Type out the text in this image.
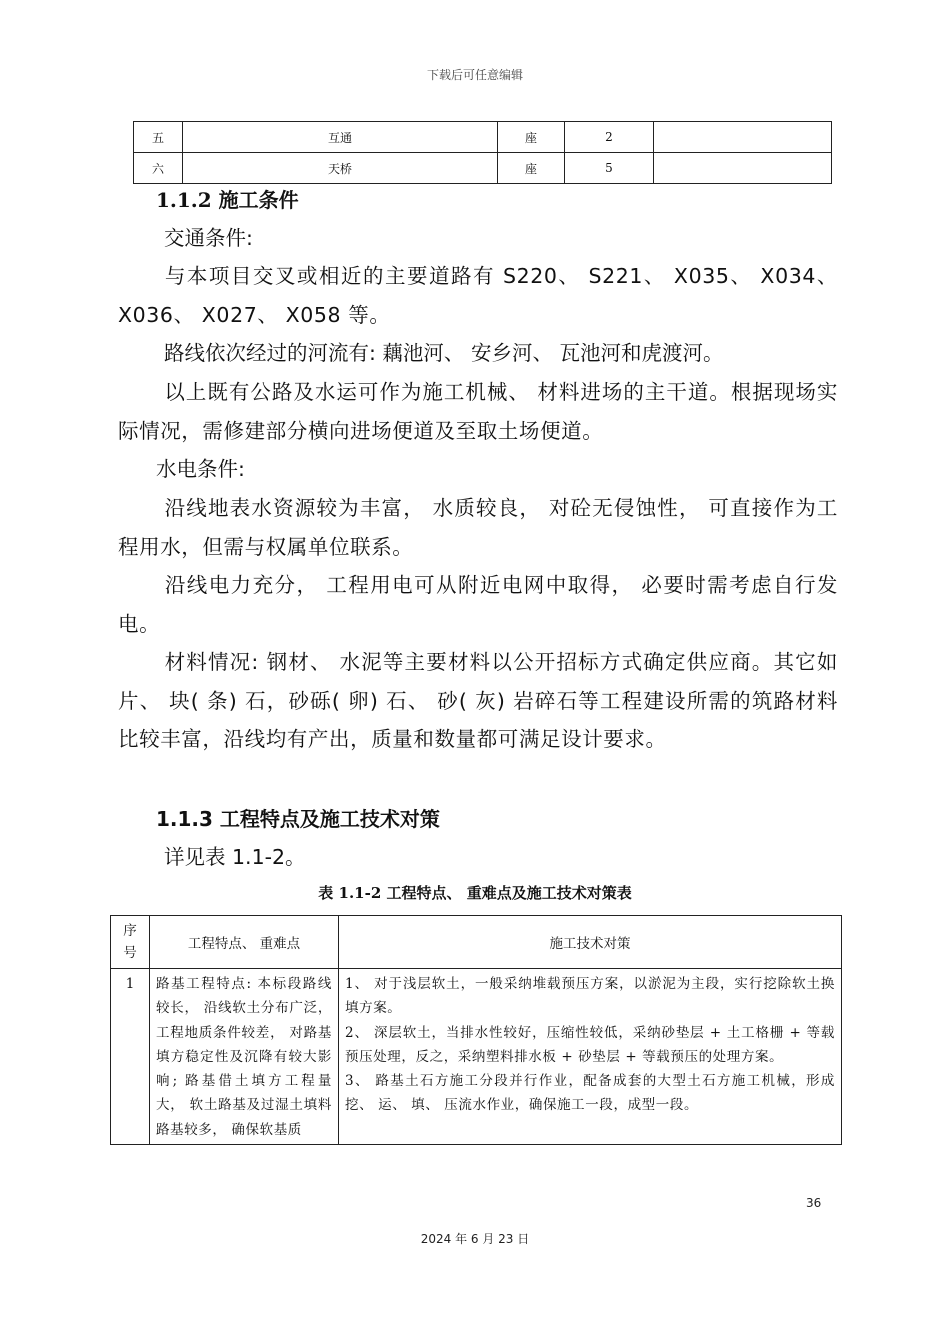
下载后可任意编辑
五	互通	座	2	
六	天桥	座	5	
1.1.2 施工条件
交通条件:
与本项目交叉或相近的主要道路有 S220、 S221、 X035、 X034、X036、 X027、 X058 等。
路线依次经过的河流有: 藕池河、 安乡河、 瓦池河和虎渡河。
以上既有公路及水运可作为施工机械、 材料进场的主干道。根据现场实际情况，需修建部分横向进场便道及至取土场便道。
水电条件:
沿线地表水资源较为丰富， 水质较良， 对砼无侵蚀性， 可直接作为工程用水，但需与权属单位联系。
沿线电力充分， 工程用电可从附近电网中取得， 必要时需考虑自行发电。
材料情况: 钢材、 水泥等主要材料以公开招标方式确定供应商。其它如片、 块( 条) 石，砂砾( 卵) 石、 砂( 灰) 岩碎石等工程建设所需的筑路材料比较丰富，沿线均有产出，质量和数量都可满足设计要求。
1.1.3 工程特点及施工技术对策
详见表 1.1-2。
表 1.1-2 工程特点、 重难点及施工技术对策表
序号	工程特点、 重难点	施工技术对策
1	路基工程特点: 本标段路线较长， 沿线软土分布广泛， 工程地质条件较差， 对路基填方稳定性及沉降有较大影响; 路基借土填方工程量大， 软土路基及过湿土填料路基较多， 确保软基质	1、 对于浅层软土，一般采纳堆载预压方案，以淤泥为主段，实行挖除软土换填方案。
2、 深层软土，当排水性较好，压缩性较低，采纳砂垫层 + 土工格栅 + 等载预压处理，反之，采纳塑料排水板 + 砂垫层 + 等载预压的处理方案。
3、 路基土石方施工分段并行作业，配备成套的大型土石方施工机械，形成挖、 运、 填、 压流水作业，确保施工一段，成型一段。
36
2024 年 6 月 23 日
